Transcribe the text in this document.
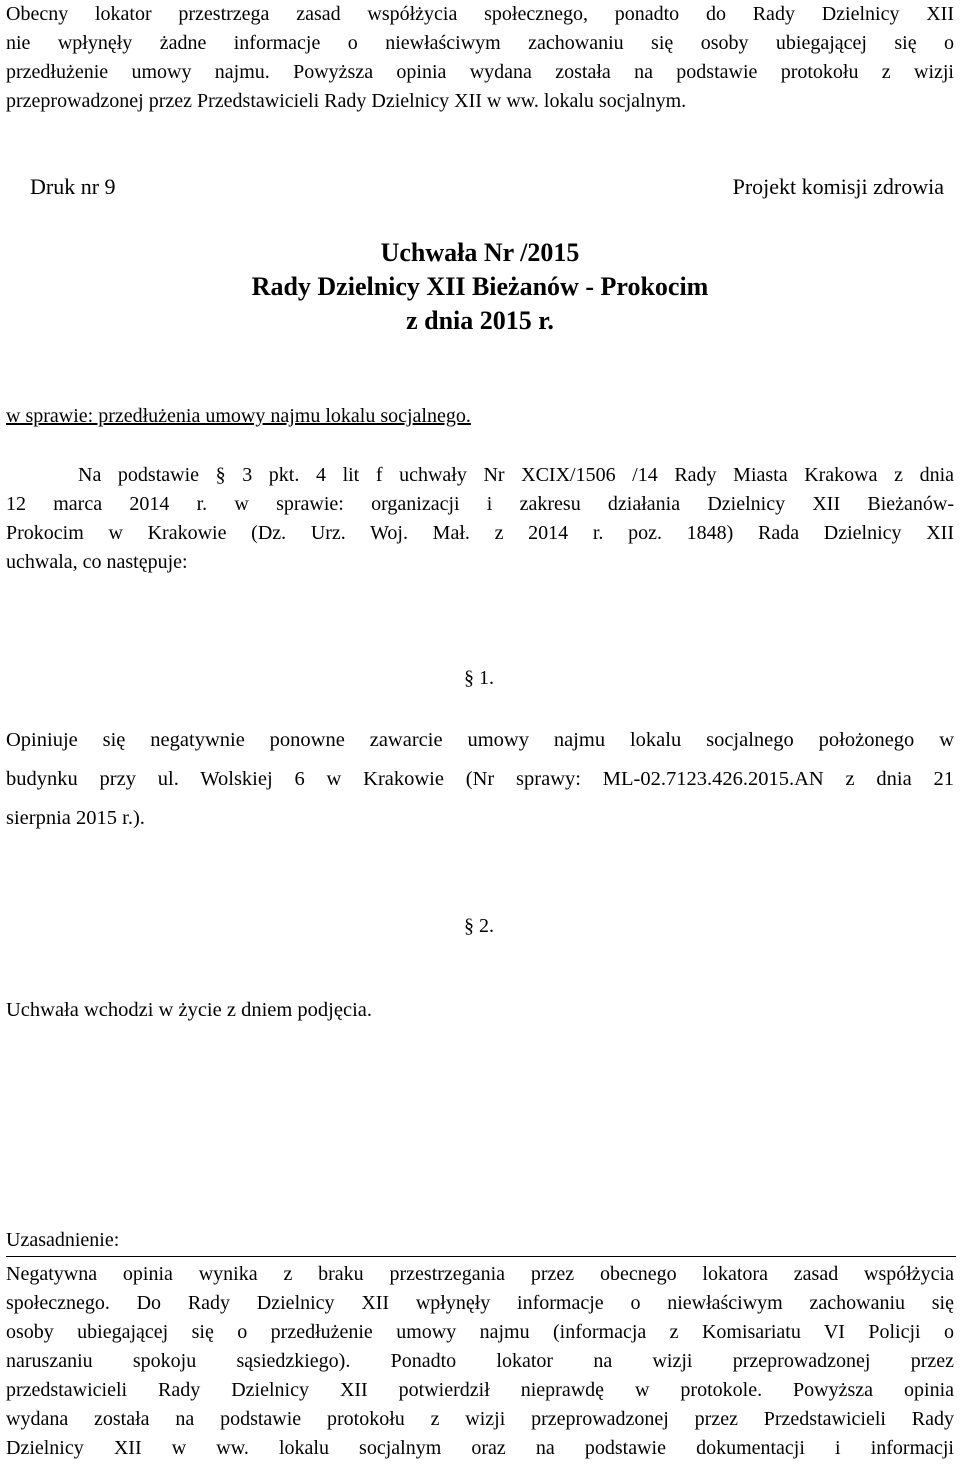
Obecny lokator przestrzega zasad współżycia społecznego, ponadto do Rady Dzielnicy XII

nie wpłynęły żadne informacje o niewłaściwym zachowaniu się osoby ubiegającej się o

przedłużenie umowy najmu. Powyższa opinia wydana została na podstawie protokołu z wizji

przeprowadzonej przez Przedstawicieli Rady Dzielnicy XII w ww. lokalu socjalnym.

Druk nr 9	Projekt komisji zdrowia
Uchwała Nr /2015
Rady Dzielnicy XII Bieżanów - Prokocim
z dnia 2015 r.
w sprawie: przedłużenia umowy najmu lokalu socjalnego.

Na podstawie § 3 pkt. 4 lit f uchwały Nr XCIX/1506 /14 Rady Miasta Krakowa z dnia

12 marca 2014 r. w sprawie: organizacji i zakresu działania Dzielnicy XII Bieżanów-

Prokocim w Krakowie (Dz. Urz. Woj. Mał. z 2014 r. poz. 1848) Rada Dzielnicy XII

uchwala, co następuje:

§ 1.

Opiniuje się negatywnie ponowne zawarcie umowy najmu lokalu socjalnego położonego w

budynku przy ul. Wolskiej 6 w Krakowie (Nr sprawy: ML-02.7123.426.2015.AN z dnia 21

sierpnia 2015 r.).

§ 2.
Uchwała wchodzi w życie z dniem podjęcia.
Uzasadnienie:

Negatywna opinia wynika z braku przestrzegania przez obecnego lokatora zasad współżycia

społecznego. Do Rady Dzielnicy XII wpłynęły informacje o niewłaściwym zachowaniu się

osoby ubiegającej się o przedłużenie umowy najmu (informacja z Komisariatu VI Policji o

naruszaniu spokoju sąsiedzkiego). Ponadto lokator na wizji przeprowadzonej przez

przedstawicieli Rady Dzielnicy XII potwierdził nieprawdę w protokole. Powyższa opinia

wydana została na podstawie protokołu z wizji przeprowadzonej przez Przedstawicieli Rady

Dzielnicy XII w ww. lokalu socjalnym oraz na podstawie dokumentacji i informacji
